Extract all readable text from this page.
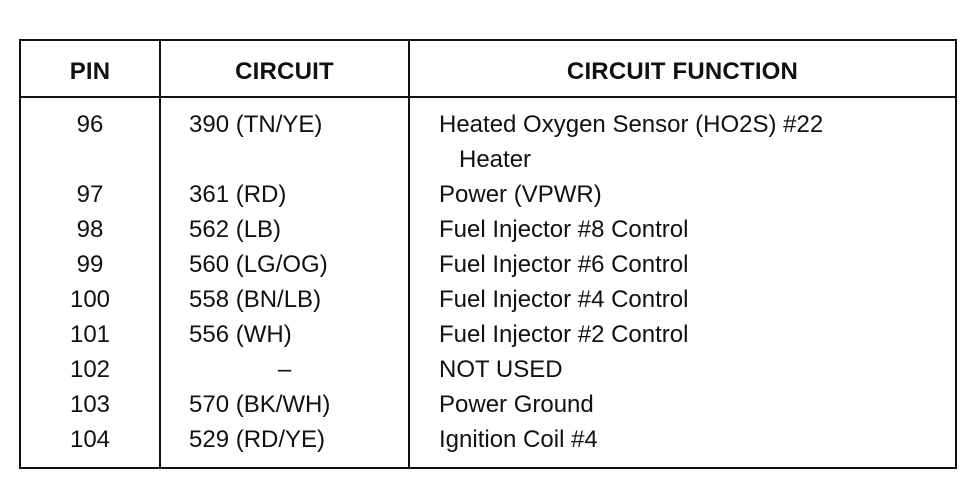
PIN	CIRCUIT	CIRCUIT FUNCTION
96	390 (TN/YE)	Heated Oxygen Sensor (HO2S) #22
Heater
97	361 (RD)	Power (VPWR)
98	562 (LB)	Fuel Injector #8 Control
99	560 (LG/OG)	Fuel Injector #6 Control
100	558 (BN/LB)	Fuel Injector #4 Control
101	556 (WH)	Fuel Injector #2 Control
102	–	NOT USED
103	570 (BK/WH)	Power Ground
104	529 (RD/YE)	Ignition Coil #4
